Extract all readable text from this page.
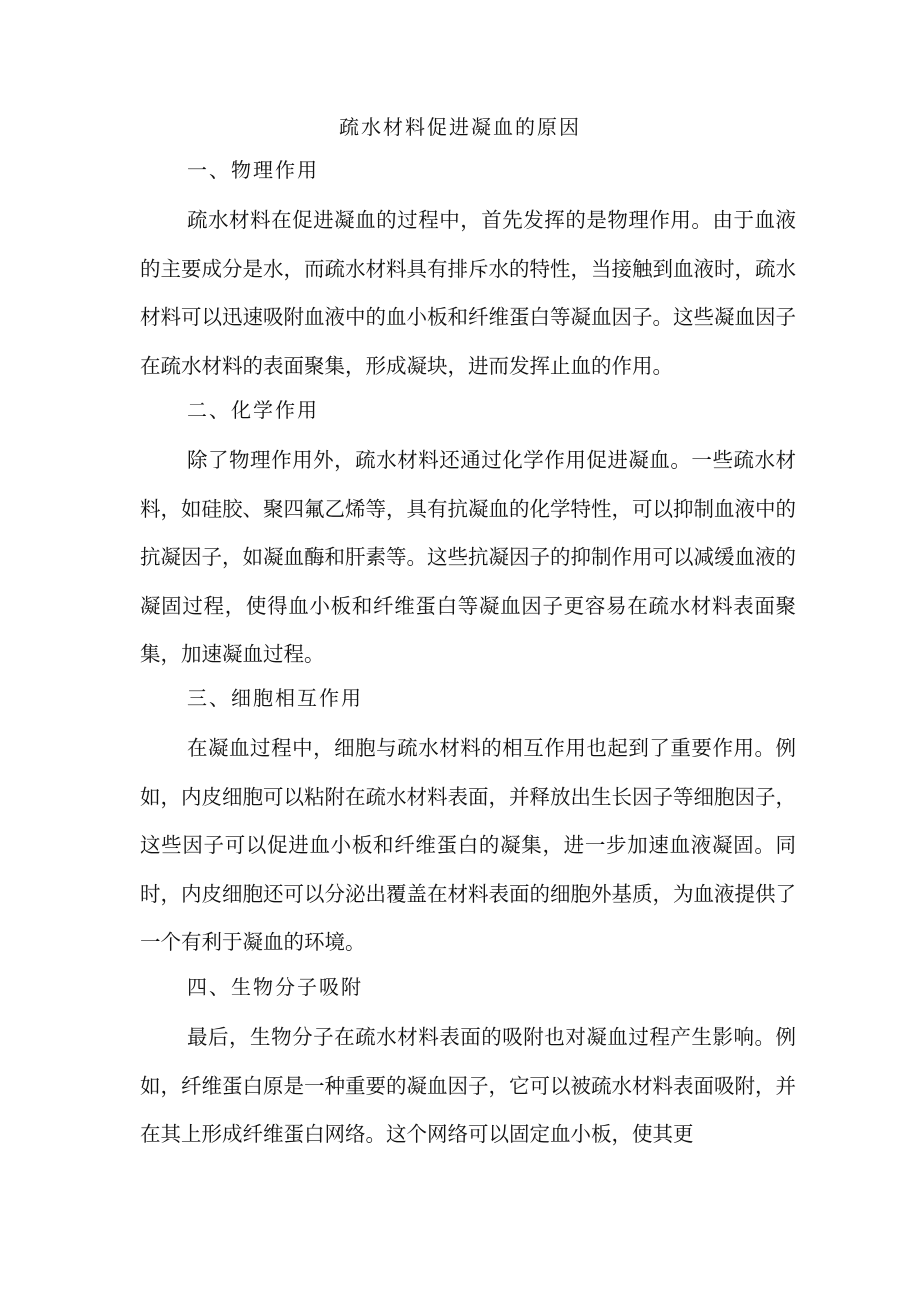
疏水材料促进凝血的原因
一、物理作用

疏水材料在促进凝血的过程中，首先发挥的是物理作用。由于血液的主要成分是水，而疏水材料具有排斥水的特性，当接触到血液时，疏水材料可以迅速吸附血液中的血小板和纤维蛋白等凝血因子。这些凝血因子在疏水材料的表面聚集，形成凝块，进而发挥止血的作用。

二、化学作用

除了物理作用外，疏水材料还通过化学作用促进凝血。一些疏水材料，如硅胶、聚四氟乙烯等，具有抗凝血的化学特性，可以抑制血液中的抗凝因子，如凝血酶和肝素等。这些抗凝因子的抑制作用可以减缓血液的凝固过程，使得血小板和纤维蛋白等凝血因子更容易在疏水材料表面聚集，加速凝血过程。

三、细胞相互作用

在凝血过程中，细胞与疏水材料的相互作用也起到了重要作用。例如，内皮细胞可以粘附在疏水材料表面，并释放出生长因子等细胞因子，这些因子可以促进血小板和纤维蛋白的凝集，进一步加速血液凝固。同时，内皮细胞还可以分泌出覆盖在材料表面的细胞外基质，为血液提供了一个有利于凝血的环境。

四、生物分子吸附

最后，生物分子在疏水材料表面的吸附也对凝血过程产生影响。例如，纤维蛋白原是一种重要的凝血因子，它可以被疏水材料表面吸附，并在其上形成纤维蛋白网络。这个网络可以固定血小板，使其更
